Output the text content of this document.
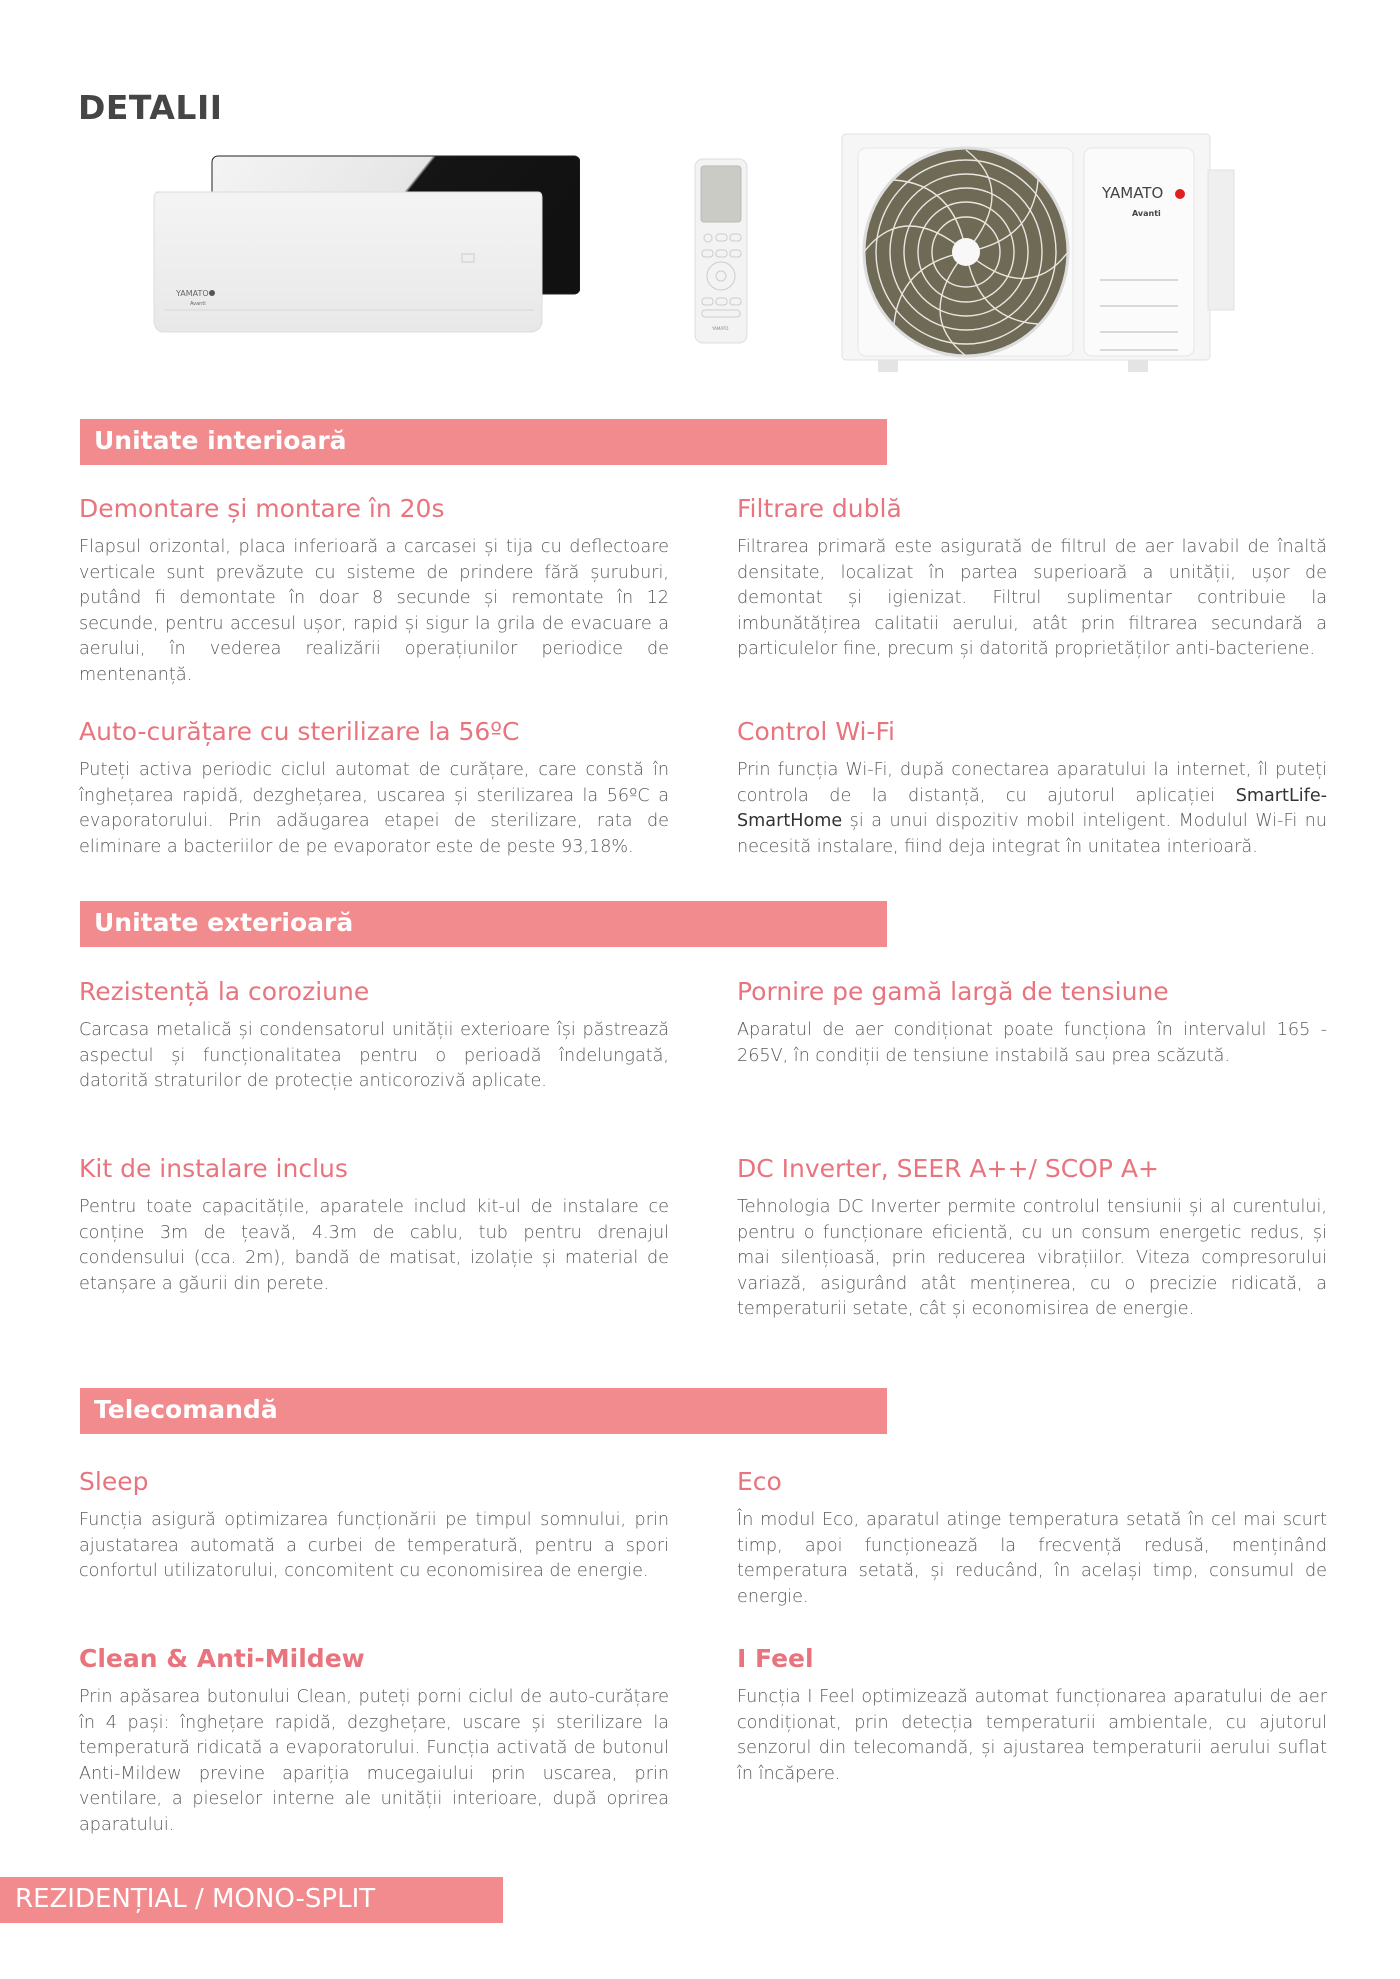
DETALII
YAMATO
Avanti
YAMATO
YAMATO
Avanti
Unitate interioară
Demontare și montare în 20s

Flapsul orizontal, placa inferioară a carcasei și tija cu deflectoare verticale sunt prevăzute cu sisteme de prindere fără șuruburi, putând fi demontate în doar 8 secunde și remontate în 12 secunde, pentru accesul ușor, rapid și sigur la grila de evacuare a aerului, în vederea realizării operațiunilor periodice de mentenanță.

Filtrare dublă

Filtrarea primară este asigurată de filtrul de aer lavabil de înaltă densitate, localizat în partea superioară a unității, ușor de demontat și igienizat. Filtrul suplimentar contribuie la imbunătățirea calitatii aerului, atât prin filtrarea secundară a particulelor fine, precum și datorită proprietăților anti-bacteriene.

Auto-curățare cu sterilizare la 56ºC

Puteți activa periodic ciclul automat de curățare, care constă în înghețarea rapidă, dezghețarea, uscarea și sterilizarea la 56ºC a evaporatorului. Prin adăugarea etapei de sterilizare, rata de eliminare a bacteriilor de pe evaporator este de peste 93,18%.

Control Wi-Fi

Prin funcția Wi-Fi, după conectarea aparatului la internet, îl puteți controla de la distanță, cu ajutorul aplicației SmartLife-SmartHome și a unui dispozitiv mobil inteligent. Modulul Wi-Fi nu necesită instalare, fiind deja integrat în unitatea interioară.

Unitate exterioară
Rezistență la coroziune

Carcasa metalică și condensatorul unității exterioare își păstrează aspectul și funcționalitatea pentru o perioadă îndelungată, datorită straturilor de protecție anticorozivă aplicate.

Pornire pe gamă largă de tensiune

Aparatul de aer condiționat poate funcționa în intervalul 165 - 265V, în condiții de tensiune instabilă sau prea scăzută.

Kit de instalare inclus

Pentru toate capacitățile, aparatele includ kit-ul de instalare ce conține 3m de țeavă, 4.3m de cablu, tub pentru drenajul condensului (cca. 2m), bandă de matisat, izolație și material de etanșare a găurii din perete.

DC Inverter, SEER A++/ SCOP A+

Tehnologia DC Inverter permite controlul tensiunii și al curentului, pentru o funcționare eficientă, cu un consum energetic redus, și mai silențioasă, prin reducerea vibrațiilor. Viteza compresorului variază, asigurând atât menținerea, cu o precizie ridicată, a temperaturii setate, cât și economisirea de energie.

Telecomandă
Sleep

Funcția asigură optimizarea funcționării pe timpul somnului, prin ajustatarea automată a curbei de temperatură, pentru a spori confortul utilizatorului, concomitent cu economisirea de energie.

Eco

În modul Eco, aparatul atinge temperatura setată în cel mai scurt timp, apoi funcționează la frecvență redusă, menținând temperatura setată, și reducând, în același timp, consumul de energie.

Clean & Anti-Mildew

Prin apăsarea butonului Clean, puteți porni ciclul de auto-curățare în 4 pași: înghețare rapidă, dezghețare, uscare și sterilizare la temperatură ridicată a evaporatorului. Funcția activată de butonul Anti-Mildew previne apariția mucegaiului prin uscarea, prin ventilare, a pieselor interne ale unității interioare, după oprirea aparatului.

I Feel

Funcția I Feel optimizează automat funcționarea aparatului de aer condiționat, prin detecția temperaturii ambientale, cu ajutorul senzorul din telecomandă, și ajustarea temperaturii aerului suflat în încăpere.

REZIDENȚIAL / MONO-SPLIT
